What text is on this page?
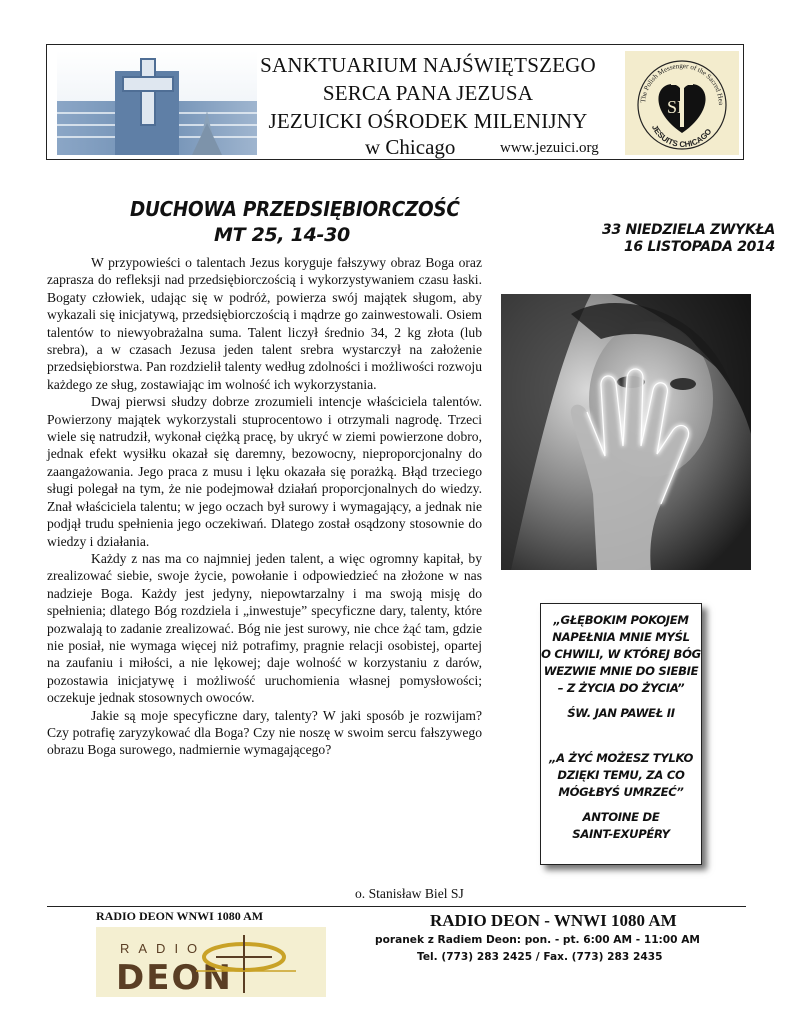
SANKTUARIUM NAJŚWIĘTSZEGO
SERCA PANA JEZUSA
JEZUICKI OŚRODEK MILENIJNY
w Chicago	www.jezuici.org
The Polish Messenger of the Sacred Hea
JESUITS CHICAGO
SI
DUCHOWA PRZEDSIĘBIORCZOŚĆ
MT 25, 14-30	33 NIEDZIELA ZWYKŁA
16 LISTOPADA 2014

W przypowieści o talentach Jezus koryguje fałszywy obraz Boga oraz zaprasza do refleksji nad przedsiębiorczością i wykorzystywaniem czasu łaski. Bogaty człowiek, udając się w podróż, powierza swój majątek sługom, aby wykazali się inicjatywą, przedsiębiorczością i mądrze go zainwestowali. Osiem talentów to niewyobrażalna suma. Talent liczył średnio 34, 2 kg złota (lub srebra), a w czasach Jezusa jeden talent srebra wystarczył na założenie przedsiębiorstwa. Pan rozdzielił talenty według zdolności i możliwości rozwoju każdego ze sług, zostawiając im wolność ich wykorzystania.

Dwaj pierwsi słudzy dobrze zrozumieli intencje właściciela talentów. Powierzony majątek wykorzystali stuprocentowo i otrzymali nagrodę. Trzeci wiele się natrudził, wykonał ciężką pracę, by ukryć w ziemi powierzone dobro, jednak efekt wysiłku okazał się daremny, bezowocny, nieproporcjonalny do zaangażowania. Jego praca z musu i lęku okazała się porażką. Błąd trzeciego sługi polegał na tym, że nie podejmował działań proporcjonalnych do wiedzy. Znał właściciela talentu; w jego oczach był surowy i wymagający, a jednak nie podjął trudu spełnienia jego oczekiwań. Dlatego został osądzony stosownie do wiedzy i działania.

Każdy z nas ma co najmniej jeden talent, a więc ogromny kapitał, by zrealizować siebie, swoje życie, powołanie i odpowiedzieć na złożone w nas nadzieje Boga. Każdy jest jedyny, niepowtarzalny i ma swoją misję do spełnienia; dlatego Bóg rozdziela i „inwestuje” specyficzne dary, talenty, które pozwalają to zadanie zrealizować. Bóg nie jest surowy, nie chce żąć tam, gdzie nie posiał, nie wymaga więcej niż potrafimy, pragnie relacji osobistej, opartej na zaufaniu i miłości, a nie lękowej; daje wolność w korzystaniu z darów, pozostawia inicjatywę i możliwość uruchomienia własnej pomysłowości; oczekuje jednak stosownych owoców.

Jakie są moje specyficzne dary, talenty? W jaki sposób je rozwijam? Czy potrafię zaryzykować dla Boga? Czy nie noszę w swoim sercu fałszywego obrazu Boga surowego, nadmiernie wymagającego?

o. Stanisław Biel SJ
„GŁĘBOKIM POKOJEM
NAPEŁNIA MNIE MYŚL
O CHWILI, W KTÓREJ BÓG
WEZWIE MNIE DO SIEBIE
– Z ŻYCIA DO ŻYCIA”
ŚW. JAN PAWEŁ II
„A ŻYĆ MOŻESZ TYLKO
DZIĘKI TEMU, ZA CO
MÓGŁBYŚ UMRZEĆ”
ANTOINE DE
SAINT-EXUPÉRY
RADIO DEON WNWI 1080 AM
RADIO
DEON
RADIO DEON - WNWI 1080 AM
poranek z Radiem Deon: pon. - pt. 6:00 AM - 11:00 AM
Tel. (773) 283 2425 / Fax. (773) 283 2435
